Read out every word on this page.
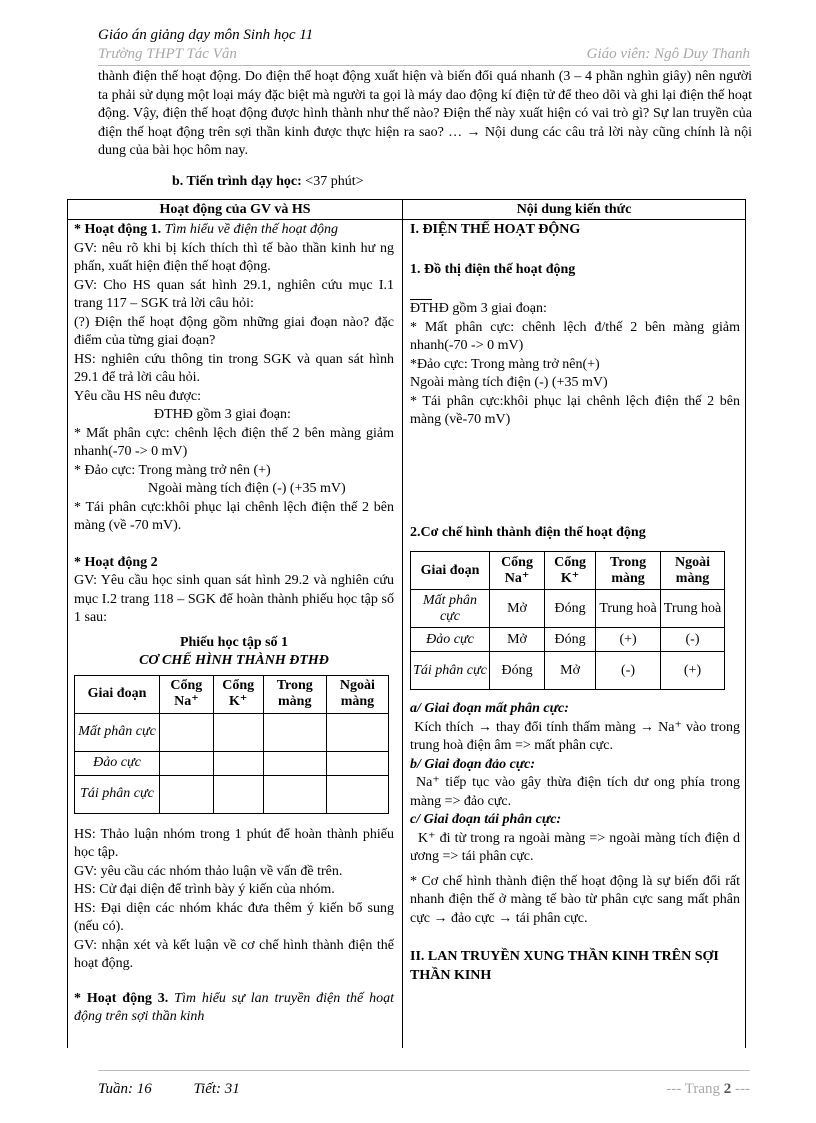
Giáo án giảng dạy môn Sinh học 11
Trường THPT Tác Vân	Giáo viên: Ngô Duy Thanh
thành điện thế hoạt động. Do điện thế hoạt động xuất hiện và biến đổi quá nhanh (3 – 4 phần nghìn giây) nên người ta phải sử dụng một loại máy đặc biệt mà người ta gọi là máy dao động kí điện tử để theo dõi và ghi lại điện thế hoạt động. Vậy, điện thế hoạt động được hình thành như thế nào? Điện thế này xuất hiện có vai trò gì? Sự lan truyền của điện thế hoạt động trên sợi thần kinh được thực hiện ra sao? … → Nội dung các câu trả lời này cũng chính là nội dung của bài học hôm nay.
b. Tiến trình dạy học: <37 phút>
Hoạt động của GV và HS	Nội dung kiến thức

* Hoạt động 1. Tìm hiểu về điện thế hoạt động

GV: nêu rõ khi bị kích thích thì tế bào thần kinh hư ng phấn, xuất hiện điện thế hoạt động.

GV: Cho HS quan sát hình 29.1, nghiên cứu mục I.1 trang 117 – SGK trả lời câu hỏi:

(?) Điện thế hoạt động gồm những giai đoạn nào? đặc điểm của từng giai đoạn?

HS: nghiên cứu thông tin trong SGK và quan sát hình 29.1 để trả lời câu hỏi.

Yêu cầu HS nêu được:

ĐTHĐ gồm 3 giai đoạn:

* Mất phân cực: chênh lệch điện thế 2 bên màng giảm nhanh(-70 -> 0 mV)

* Đảo cực: Trong màng trở nên (+)

Ngoài màng tích điện (-) (+35 mV)

* Tái phân cực:khôi phục lại chênh lệch điện thế 2 bên màng (về -70 mV).

* Hoạt động 2

GV: Yêu cầu học sinh quan sát hình 29.2 và nghiên cứu mục I.2 trang 118 – SGK để hoàn thành phiếu học tập số 1 sau:

Phiếu học tập số 1

CƠ CHẾ HÌNH THÀNH ĐTHĐ

Giai đoạn	Cổng Na⁺	Cổng K⁺	Trong màng	Ngoài màng
Mất phân cực				
Đảo cực				
Tái phân cực				

HS: Thảo luận nhóm trong 1 phút để hoàn thành phiếu học tập.

GV: yêu cầu các nhóm thảo luận về vấn đề trên.

HS: Cử đại diện để trình bày ý kiến của nhóm.

HS: Đại diện các nhóm khác đưa thêm ý kiến bổ sung (nếu có).

GV: nhận xét và kết luận về cơ chế hình thành điện thế hoạt động.

* Hoạt động 3. Tìm hiểu sự lan truyền điện thế hoạt động trên sợi thần kinh

I. ĐIỆN THẾ HOẠT ĐỘNG

1. Đồ thị điện thế hoạt động

ĐTHĐ gồm 3 giai đoạn:

* Mất phân cực: chênh lệch đ/thế 2 bên màng giảm nhanh(-70 -> 0 mV)

*Đảo cực: Trong màng trở nên(+)

Ngoài màng tích điện (-) (+35 mV)

* Tái phân cực:khôi phục lại chênh lệch điện thế 2 bên màng (về-70 mV)

2.Cơ chế hình thành điện thế hoạt động

Giai đoạn	Cổng Na⁺	Cổng K⁺	Trong màng	Ngoài màng
Mất phân cực	Mở	Đóng	Trung hoà	Trung hoà
Đảo cực	Mở	Đóng	(+)	(-)
Tái phân cực	Đóng	Mở	(-)	(+)

a/ Giai đoạn mất phân cực:

Kích thích → thay đổi tính thấm màng → Na⁺ vào trong trung hoà điện âm => mất phân cực.

b/ Giai đoạn đảo cực:

Na⁺ tiếp tục vào gây thừa điện tích dư ong phía trong màng => đảo cực.

c/ Giai đoạn tái phân cực:

K⁺ đi từ trong ra ngoài màng => ngoài màng tích điện d ương => tái phân cực.

* Cơ chế hình thành điện thế hoạt động là sự biến đổi rất nhanh điện thế ở màng tế bào từ phân cực sang mất phân cực → đảo cực → tái phân cực.

II. LAN TRUYỀN XUNG THẦN KINH TRÊN SỢI THẦN KINH

Tuần: 16	Tiết: 31	--- Trang 2 ---
